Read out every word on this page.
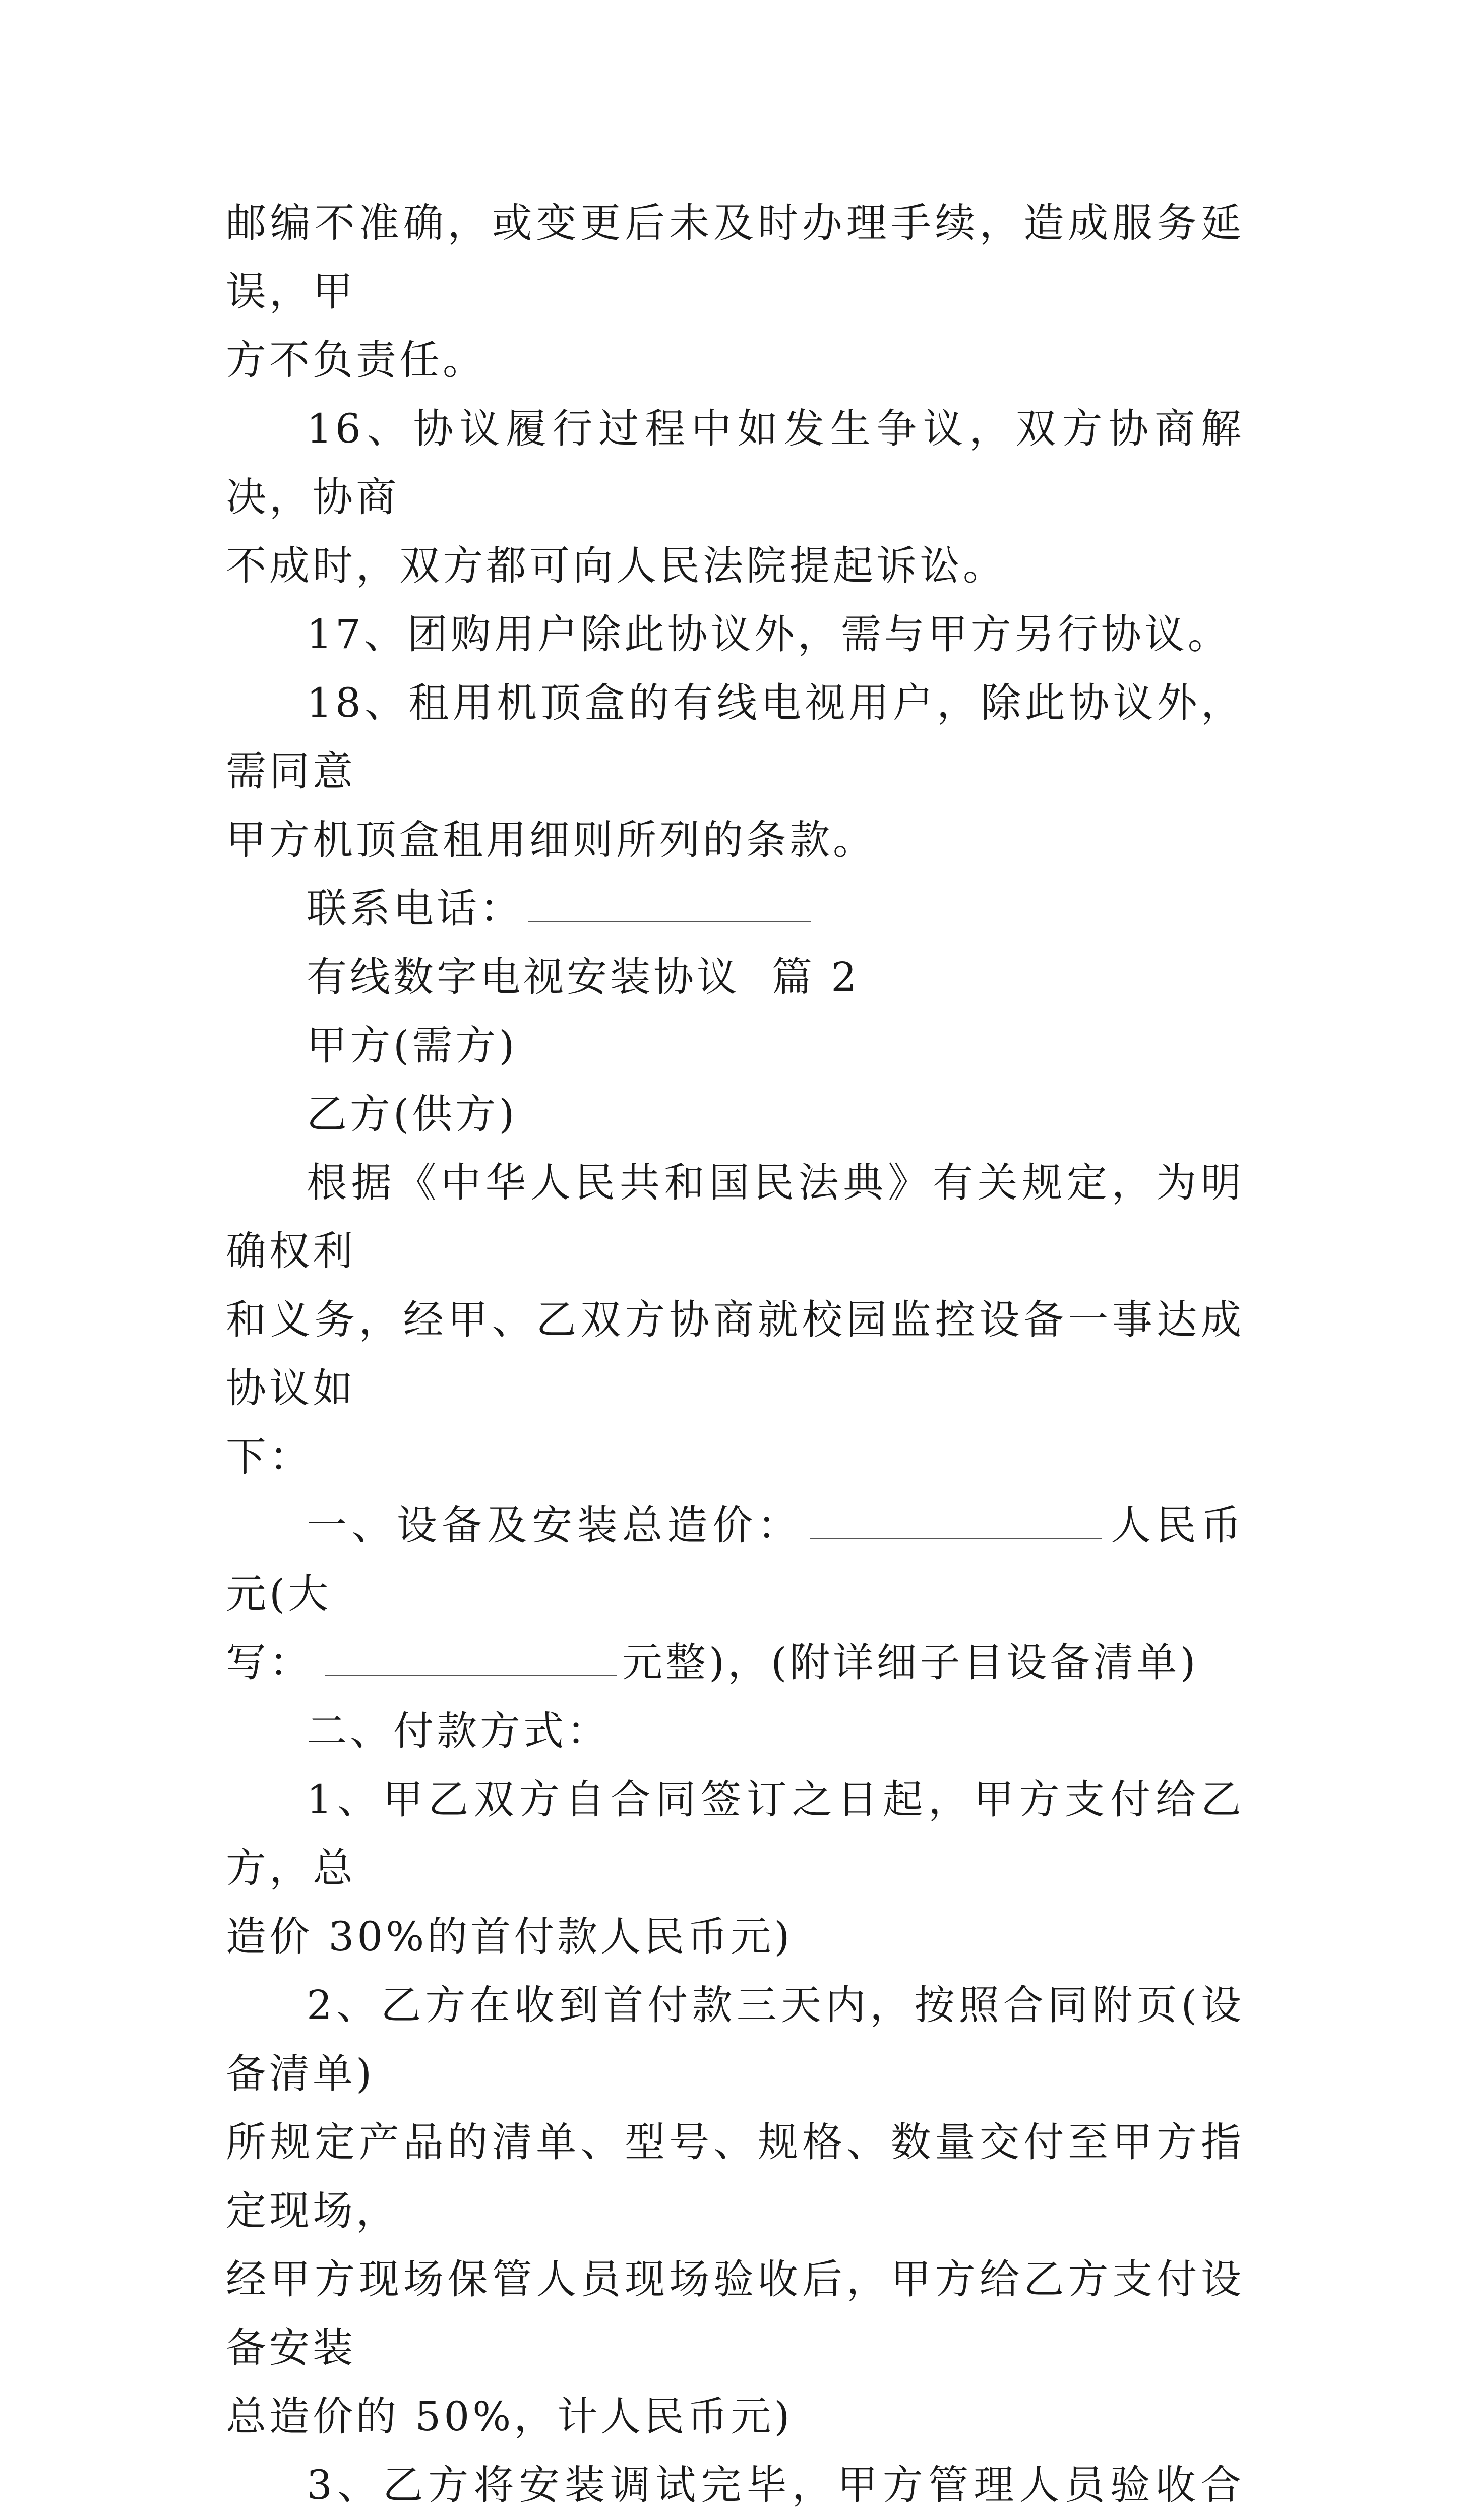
邮编不准确，或变更后未及时办理手续，造成服务延误，甲

方不负责任。

16、协议履行过程中如发生争议，双方协商解决，协商

不成时，双方都可向人民法院提起诉讼。

17、团购用户除此协议外，需与甲方另行协议。

18、租用机顶盒的有线电视用户，除此协议外，需同意

甲方机顶盒租用细则所列的条款。

联系电话：

有线数字电视安装协议  篇 2

甲方(需方)

乙方(供方)

根据《中华人民共和国民法典》有关规定，为明确权利

和义务，经甲、乙双方协商就校园监控设备一事达成协议如

下：

一、设备及安装总造价：	人民币元(大

写：	元整)，(附详细子目设备清单)

二、付款方式：

1、甲乙双方自合同签订之日起，甲方支付给乙方，总

造价 30%的首付款人民币元)

2、乙方在收到首付款三天内，按照合同附页(设备清单)

所规定产品的清单、型号、规格、数量交付至甲方指定现场，

经甲方现场保管人员现场验收后，甲方给乙方支付设备安装

总造价的 50%，计人民币元)

3、乙方将安装调试完毕，甲方管理人员验收合
